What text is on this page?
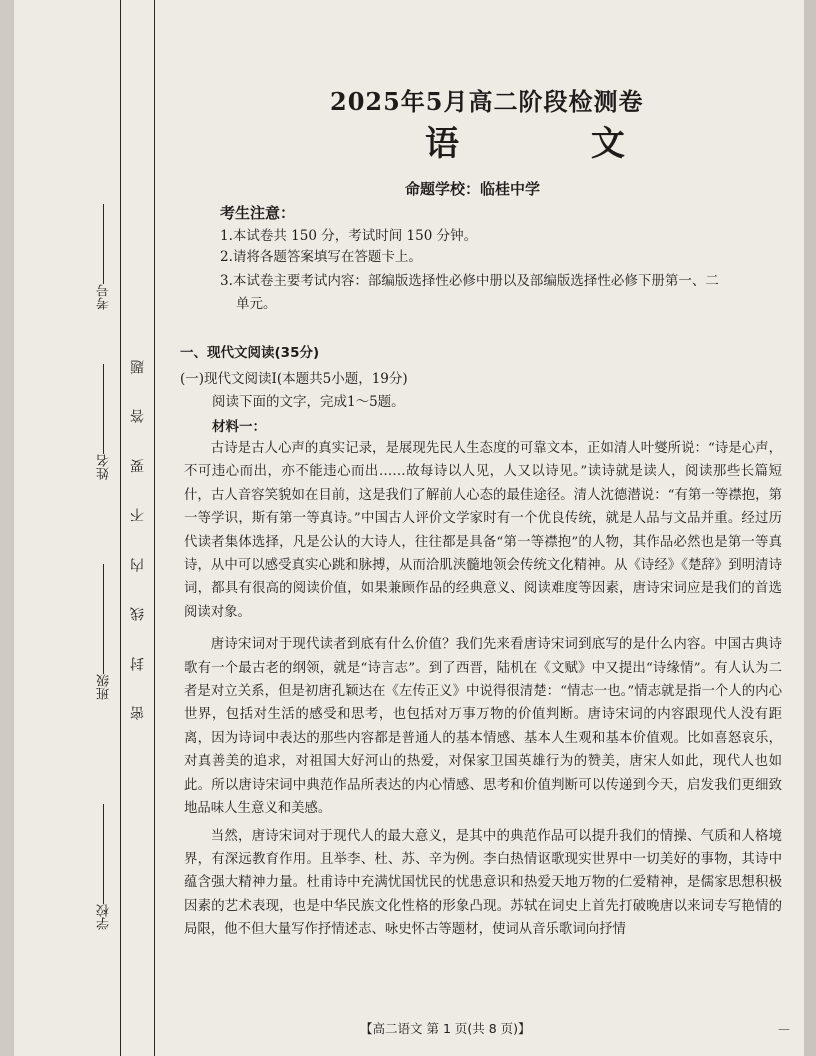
考号
姓名
班级
学校
题
答
要
不
内
线
封
密
2025年5月高二阶段检测卷
语 文
命题学校：临桂中学
考生注意：
1.本试卷共 150 分，考试时间 150 分钟。
2.请将各题答案填写在答题卡上。
3.本试卷主要考试内容：部编版选择性必修中册以及部编版选择性必修下册第一、二
单元。
一、现代文阅读(35分)
(一)现代文阅读Ⅰ(本题共5小题，19分)
阅读下面的文字，完成1～5题。
材料一：

古诗是古人心声的真实记录，是展现先民人生态度的可靠文本，正如清人叶燮所说：“诗是心声，不可违心而出，亦不能违心而出……故每诗以人见，人又以诗见。”读诗就是读人，阅读那些长篇短什，古人音容笑貌如在目前，这是我们了解前人心态的最佳途径。清人沈德潜说：“有第一等襟抱，第一等学识，斯有第一等真诗。”中国古人评价文学家时有一个优良传统，就是人品与文品并重。经过历代读者集体选择，凡是公认的大诗人，往往都是具备“第一等襟抱”的人物，其作品必然也是第一等真诗，从中可以感受真实心跳和脉搏，从而洽肌浃髓地领会传统文化精神。从《诗经》《楚辞》到明清诗词，都具有很高的阅读价值，如果兼顾作品的经典意义、阅读难度等因素，唐诗宋词应是我们的首选阅读对象。

唐诗宋词对于现代读者到底有什么价值？我们先来看唐诗宋词到底写的是什么内容。中国古典诗歌有一个最古老的纲领，就是“诗言志”。到了西晋，陆机在《文赋》中又提出“诗缘情”。有人认为二者是对立关系，但是初唐孔颖达在《左传正义》中说得很清楚：“情志一也。”情志就是指一个人的内心世界，包括对生活的感受和思考，也包括对万事万物的价值判断。唐诗宋词的内容跟现代人没有距离，因为诗词中表达的那些内容都是普通人的基本情感、基本人生观和基本价值观。比如喜怒哀乐，对真善美的追求，对祖国大好河山的热爱，对保家卫国英雄行为的赞美，唐宋人如此，现代人也如此。所以唐诗宋词中典范作品所表达的内心情感、思考和价值判断可以传递到今天，启发我们更细致地品味人生意义和美感。

当然，唐诗宋词对于现代人的最大意义，是其中的典范作品可以提升我们的情操、气质和人格境界，有深远教育作用。且举李、杜、苏、辛为例。李白热情讴歌现实世界中一切美好的事物，其诗中蕴含强大精神力量。杜甫诗中充满忧国忧民的忧患意识和热爱天地万物的仁爱精神，是儒家思想积极因素的艺术表现，也是中华民族文化性格的形象凸现。苏轼在词史上首先打破晚唐以来词专写艳情的局限，他不但大量写作抒情述志、咏史怀古等题材，使词从音乐歌词向抒情

【高二语文 第 1 页(共 8 页)】	—
